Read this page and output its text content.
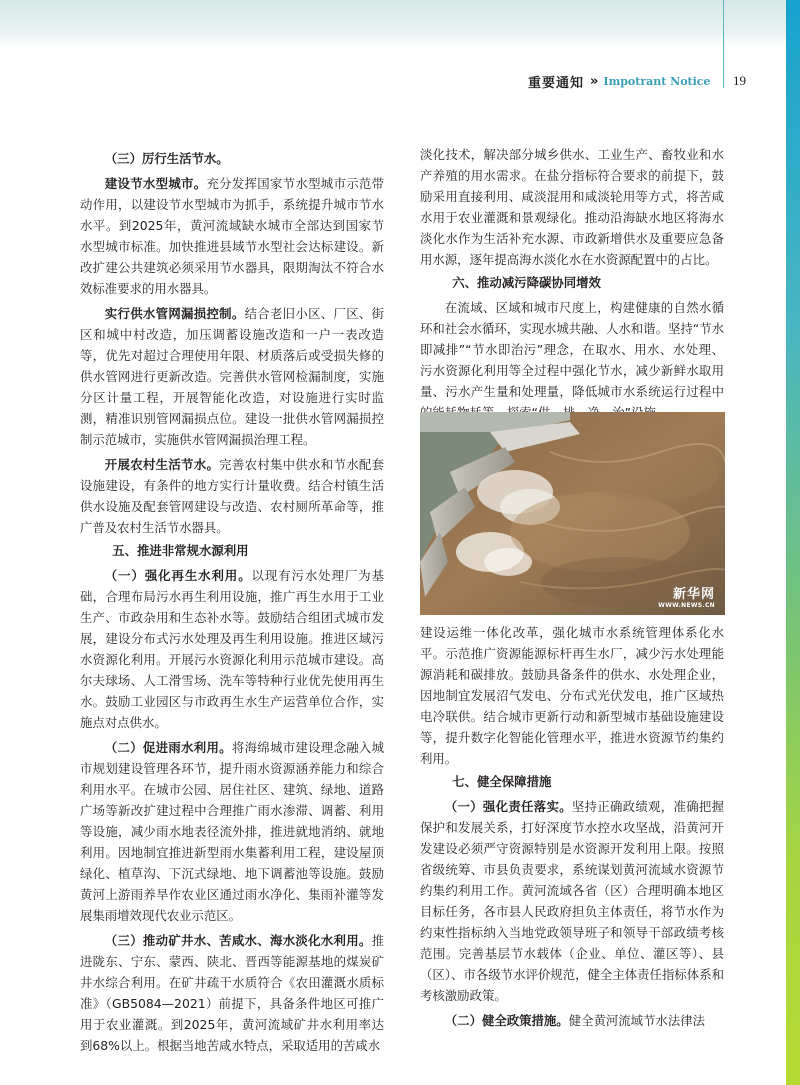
重要通知 » Impotrant Notice 19

（三）厉行生活节水。

建设节水型城市。充分发挥国家节水型城市示范带动作用，以建设节水型城市为抓手，系统提升城市节水水平。到2025年，黄河流域缺水城市全部达到国家节水型城市标准。加快推进县域节水型社会达标建设。新改扩建公共建筑必须采用节水器具，限期淘汰不符合水效标准要求的用水器具。

实行供水管网漏损控制。结合老旧小区、厂区、街区和城中村改造，加压调蓄设施改造和一户一表改造等，优先对超过合理使用年限、材质落后或受损失修的供水管网进行更新改造。完善供水管网检漏制度，实施分区计量工程，开展智能化改造，对设施进行实时监测，精准识别管网漏损点位。建设一批供水管网漏损控制示范城市，实施供水管网漏损治理工程。

开展农村生活节水。完善农村集中供水和节水配套设施建设，有条件的地方实行计量收费。结合村镇生活供水设施及配套管网建设与改造、农村厕所革命等，推广普及农村生活节水器具。

五、推进非常规水源利用

（一）强化再生水利用。以现有污水处理厂为基础，合理布局污水再生利用设施，推广再生水用于工业生产、市政杂用和生态补水等。鼓励结合组团式城市发展，建设分布式污水处理及再生利用设施。推进区域污水资源化利用。开展污水资源化利用示范城市建设。高尔夫球场、人工滑雪场、洗车等特种行业优先使用再生水。鼓励工业园区与市政再生水生产运营单位合作，实施点对点供水。

（二）促进雨水利用。将海绵城市建设理念融入城市规划建设管理各环节，提升雨水资源涵养能力和综合利用水平。在城市公园、居住社区、建筑、绿地、道路广场等新改扩建过程中合理推广雨水渗滞、调蓄、利用等设施，减少雨水地表径流外排，推进就地消纳、就地利用。因地制宜推进新型雨水集蓄利用工程，建设屋顶绿化、植草沟、下沉式绿地、地下调蓄池等设施。鼓励黄河上游雨养旱作农业区通过雨水净化、集雨补灌等发展集雨增效现代农业示范区。

（三）推动矿井水、苦咸水、海水淡化水利用。推进陇东、宁东、蒙西、陕北、晋西等能源基地的煤炭矿井水综合利用。在矿井疏干水质符合《农田灌溉水质标准》（GB5084—2021）前提下，具备条件地区可推广用于农业灌溉。到2025年，黄河流域矿井水利用率达到68%以上。根据当地苦咸水特点，采取适用的苦咸水

淡化技术，解决部分城乡供水、工业生产、畜牧业和水产养殖的用水需求。在盐分指标符合要求的前提下，鼓励采用直接利用、咸淡混用和咸淡轮用等方式，将苦咸水用于农业灌溉和景观绿化。推动沿海缺水地区将海水淡化水作为生活补充水源、市政新增供水及重要应急备用水源，逐年提高海水淡化水在水资源配置中的占比。

六、推动减污降碳协同增效

在流域、区域和城市尺度上，构建健康的自然水循环和社会水循环，实现水城共融、人水和谐。坚持“节水即减排”“节水即治污”理念，在取水、用水、水处理、污水资源化利用等全过程中强化节水，减少新鲜水取用量、污水产生量和处理量，降低城市水系统运行过程中

新华网
WWW.NEWS.CN

建设运维一体化改革，强化城市水系统管理体系化水平。示范推广资源能源标杆再生水厂，减少污水处理能源消耗和碳排放。鼓励具备条件的供水、水处理企业，因地制宜发展沼气发电、分布式光伏发电，推广区域热电冷联供。结合城市更新行动和新型城市基础设施建设等，提升数字化智能化管理水平，推进水资源节约集约利用。

七、健全保障措施

（一）强化责任落实。坚持正确政绩观，准确把握保护和发展关系，打好深度节水控水攻坚战，沿黄河开发建设必须严守资源特别是水资源开发利用上限。按照省级统筹、市县负责要求，系统谋划黄河流域水资源节约集约利用工作。黄河流域各省（区）合理明确本地区目标任务，各市县人民政府担负主体责任，将节水作为约束性指标纳入当地党政领导班子和领导干部政绩考核范围。完善基层节水载体（企业、单位、灌区等）、县（区）、市各级节水评价规范，健全主体责任指标体系和考核激励政策。

（二）健全政策措施。健全黄河流域节水法律法
